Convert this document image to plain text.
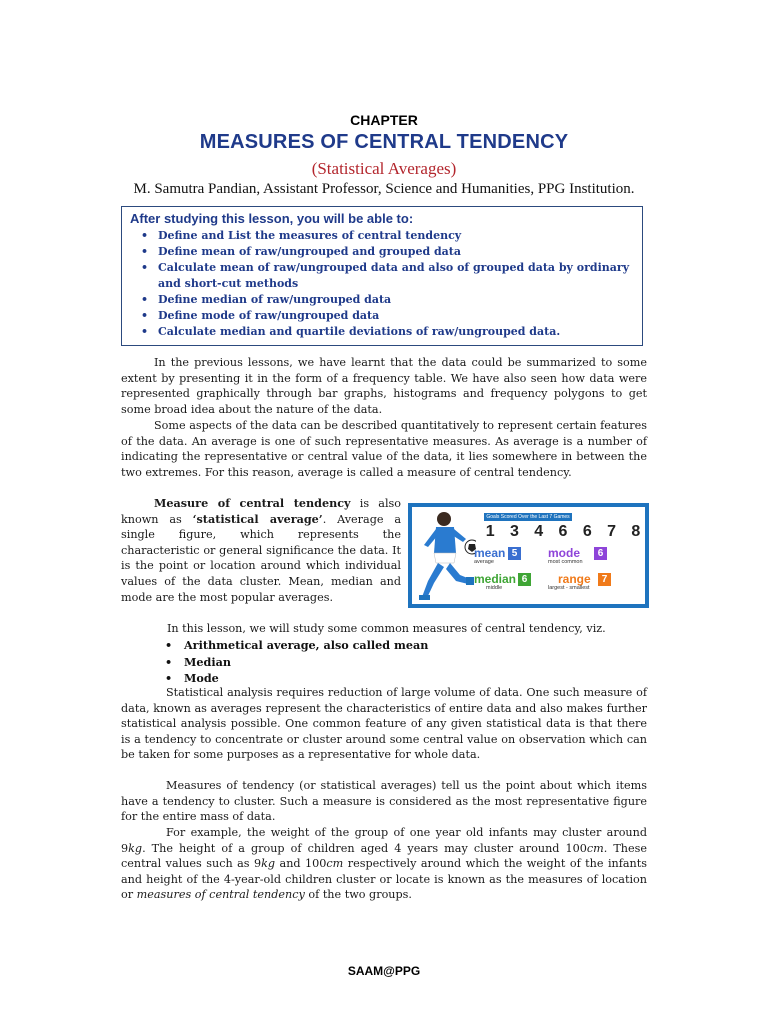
CHAPTER
MEASURES OF CENTRAL TENDENCY
(Statistical Averages)
M. Samutra Pandian, Assistant Professor, Science and Humanities, PPG Institution.
After studying this lesson, you will be able to:
• Define and List the measures of central tendency
• Define mean of raw/ungrouped and grouped data
• Calculate mean of raw/ungrouped data and also of grouped data by ordinary and short-cut methods
• Define median of raw/ungrouped data
• Define mode of raw/ungrouped data
• Calculate median and quartile deviations of raw/ungrouped data.

In the previous lessons, we have learnt that the data could be summarized to some extent by presenting it in the form of a frequency table. We have also seen how data were represented graphically through bar graphs, histograms and frequency polygons to get some broad idea about the nature of the data.

Some aspects of the data can be described quantitatively to represent certain features of the data. An average is one of such representative measures. As average is a number of indicating the representative or central value of the data, it lies somewhere in between the two extremes. For this reason, average is called a measure of central tendency.

Measure of central tendency is also known as ‘statistical average’. Average a single figure, which represents the characteristic or general significance the data. It is the point or location around which individual values of the data cluster. Mean, median and mode are the most popular averages.

Goals Scored Over the Last 7 Games
1 3 4 6 6 7 8
mean
average
5	mode
most common
6
median
middle
6	range
largest - smallest
7

In this lesson, we will study some common measures of central tendency, viz.

• Arithmetical average, also called mean
• Median
• Mode

Statistical analysis requires reduction of large volume of data. One such measure of data, known as averages represent the characteristics of entire data and also makes further statistical analysis possible. One common feature of any given statistical data is that there is a tendency to concentrate or cluster around some central value on observation which can be taken for some purposes as a representative for whole data.

Measures of tendency (or statistical averages) tell us the point about which items have a tendency to cluster. Such a measure is considered as the most representative figure for the entire mass of data.

For example, the weight of the group of one year old infants may cluster around 9kg. The height of a group of children aged 4 years may cluster around 100cm. These central values such as 9kg and 100cm respectively around which the weight of the infants and height of the 4-year-old children cluster or locate is known as the measures of location or measures of central tendency of the two groups.

SAAM@PPG
